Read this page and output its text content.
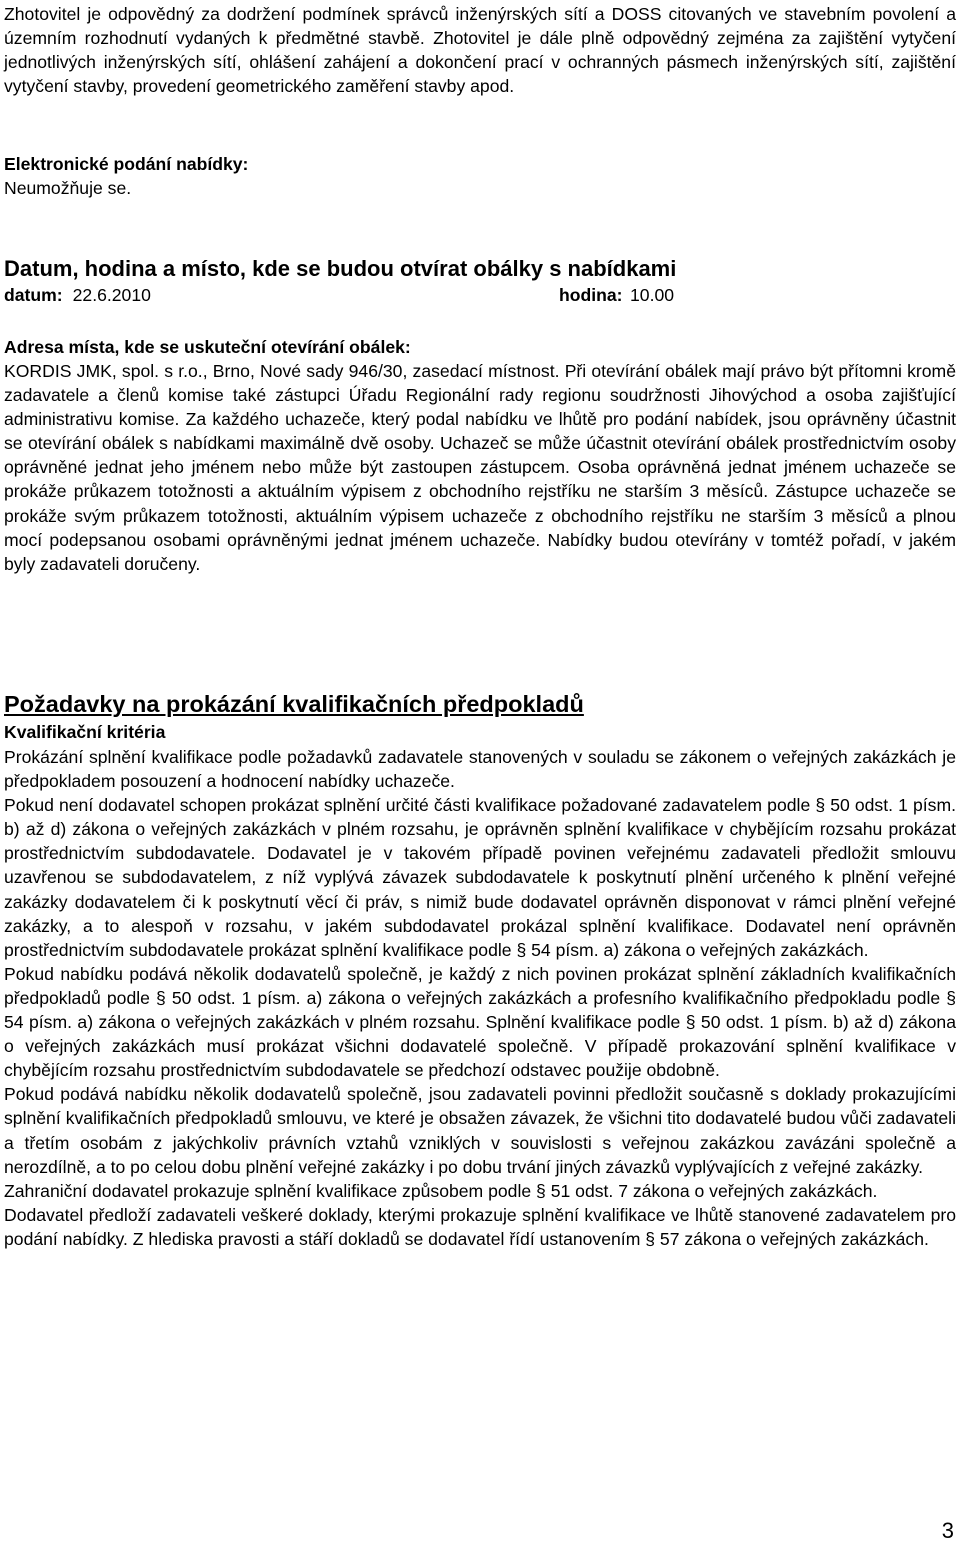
Zhotovitel je odpovědný za dodržení podmínek správců inženýrských sítí a DOSS citovaných ve stavebním povolení a územním rozhodnutí vydaných k předmětné stavbě. Zhotovitel je dále plně odpovědný zejména za zajištění vytyčení jednotlivých inženýrských sítí, ohlášení zahájení a dokončení prací v ochranných pásmech inženýrských sítí, zajištění vytyčení stavby, provedení geometrického zaměření stavby apod.

Elektronické podání nabídky:

Neumožňuje se.

Datum, hodina a místo, kde se budou otvírat obálky s nabídkami

datum: 22.6.2010	hodina: 10.00

Adresa místa, kde se uskuteční otevírání obálek:

KORDIS JMK, spol. s r.o., Brno, Nové sady 946/30, zasedací místnost. Při otevírání obálek mají právo být přítomni kromě zadavatele a členů komise také zástupci Úřadu Regionální rady regionu soudržnosti Jihovýchod a osoba zajišťující administrativu komise. Za každého uchazeče, který podal nabídku ve lhůtě pro podání nabídek, jsou oprávněny účastnit se otevírání obálek s nabídkami maximálně dvě osoby. Uchazeč se může účastnit otevírání obálek prostřednictvím osoby oprávněné jednat jeho jménem nebo může být zastoupen zástupcem. Osoba oprávněná jednat jménem uchazeče se prokáže průkazem totožnosti a aktuálním výpisem z obchodního rejstříku ne starším 3 měsíců. Zástupce uchazeče se prokáže svým průkazem totožnosti, aktuálním výpisem uchazeče z obchodního rejstříku ne starším 3 měsíců a plnou mocí podepsanou osobami oprávněnými jednat jménem uchazeče. Nabídky budou otevírány v tomtéž pořadí, v jakém byly zadavateli doručeny.

Požadavky na prokázání kvalifikačních předpokladů

Kvalifikační kritéria

Prokázání splnění kvalifikace podle požadavků zadavatele stanovených v souladu se zákonem o veřejných zakázkách je předpokladem posouzení a hodnocení nabídky uchazeče.

Pokud není dodavatel schopen prokázat splnění určité části kvalifikace požadované zadavatelem podle § 50 odst. 1 písm. b) až d) zákona o veřejných zakázkách v plném rozsahu, je oprávněn splnění kvalifikace v chybějícím rozsahu prokázat prostřednictvím subdodavatele. Dodavatel je v takovém případě povinen veřejnému zadavateli předložit smlouvu uzavřenou se subdodavatelem, z níž vyplývá závazek subdodavatele k poskytnutí plnění určeného k plnění veřejné zakázky dodavatelem či k poskytnutí věcí či práv, s nimiž bude dodavatel oprávněn disponovat v rámci plnění veřejné zakázky, a to alespoň v rozsahu, v jakém subdodavatel prokázal splnění kvalifikace. Dodavatel není oprávněn prostřednictvím subdodavatele prokázat splnění kvalifikace podle § 54 písm. a) zákona o veřejných zakázkách.

Pokud nabídku podává několik dodavatelů společně, je každý z nich povinen prokázat splnění základních kvalifikačních předpokladů podle § 50 odst. 1 písm. a) zákona o veřejných zakázkách a profesního kvalifikačního předpokladu podle § 54 písm. a) zákona o veřejných zakázkách v plném rozsahu. Splnění kvalifikace podle § 50 odst. 1 písm. b) až d) zákona o veřejných zakázkách musí prokázat všichni dodavatelé společně. V případě prokazování splnění kvalifikace v chybějícím rozsahu prostřednictvím subdodavatele se předchozí odstavec použije obdobně.

Pokud podává nabídku několik dodavatelů společně, jsou zadavateli povinni předložit současně s doklady prokazujícími splnění kvalifikačních předpokladů smlouvu, ve které je obsažen závazek, že všichni tito dodavatelé budou vůči zadavateli a třetím osobám z jakýchkoliv právních vztahů vzniklých v souvislosti s veřejnou zakázkou zavázáni společně a nerozdílně, a to po celou dobu plnění veřejné zakázky i po dobu trvání jiných závazků vyplývajících z veřejné zakázky.

Zahraniční dodavatel prokazuje splnění kvalifikace způsobem podle § 51 odst. 7 zákona o veřejných zakázkách.

Dodavatel předloží zadavateli veškeré doklady, kterými prokazuje splnění kvalifikace ve lhůtě stanovené zadavatelem pro podání nabídky. Z hlediska pravosti a stáří dokladů se dodavatel řídí ustanovením § 57 zákona o veřejných zakázkách.

3
